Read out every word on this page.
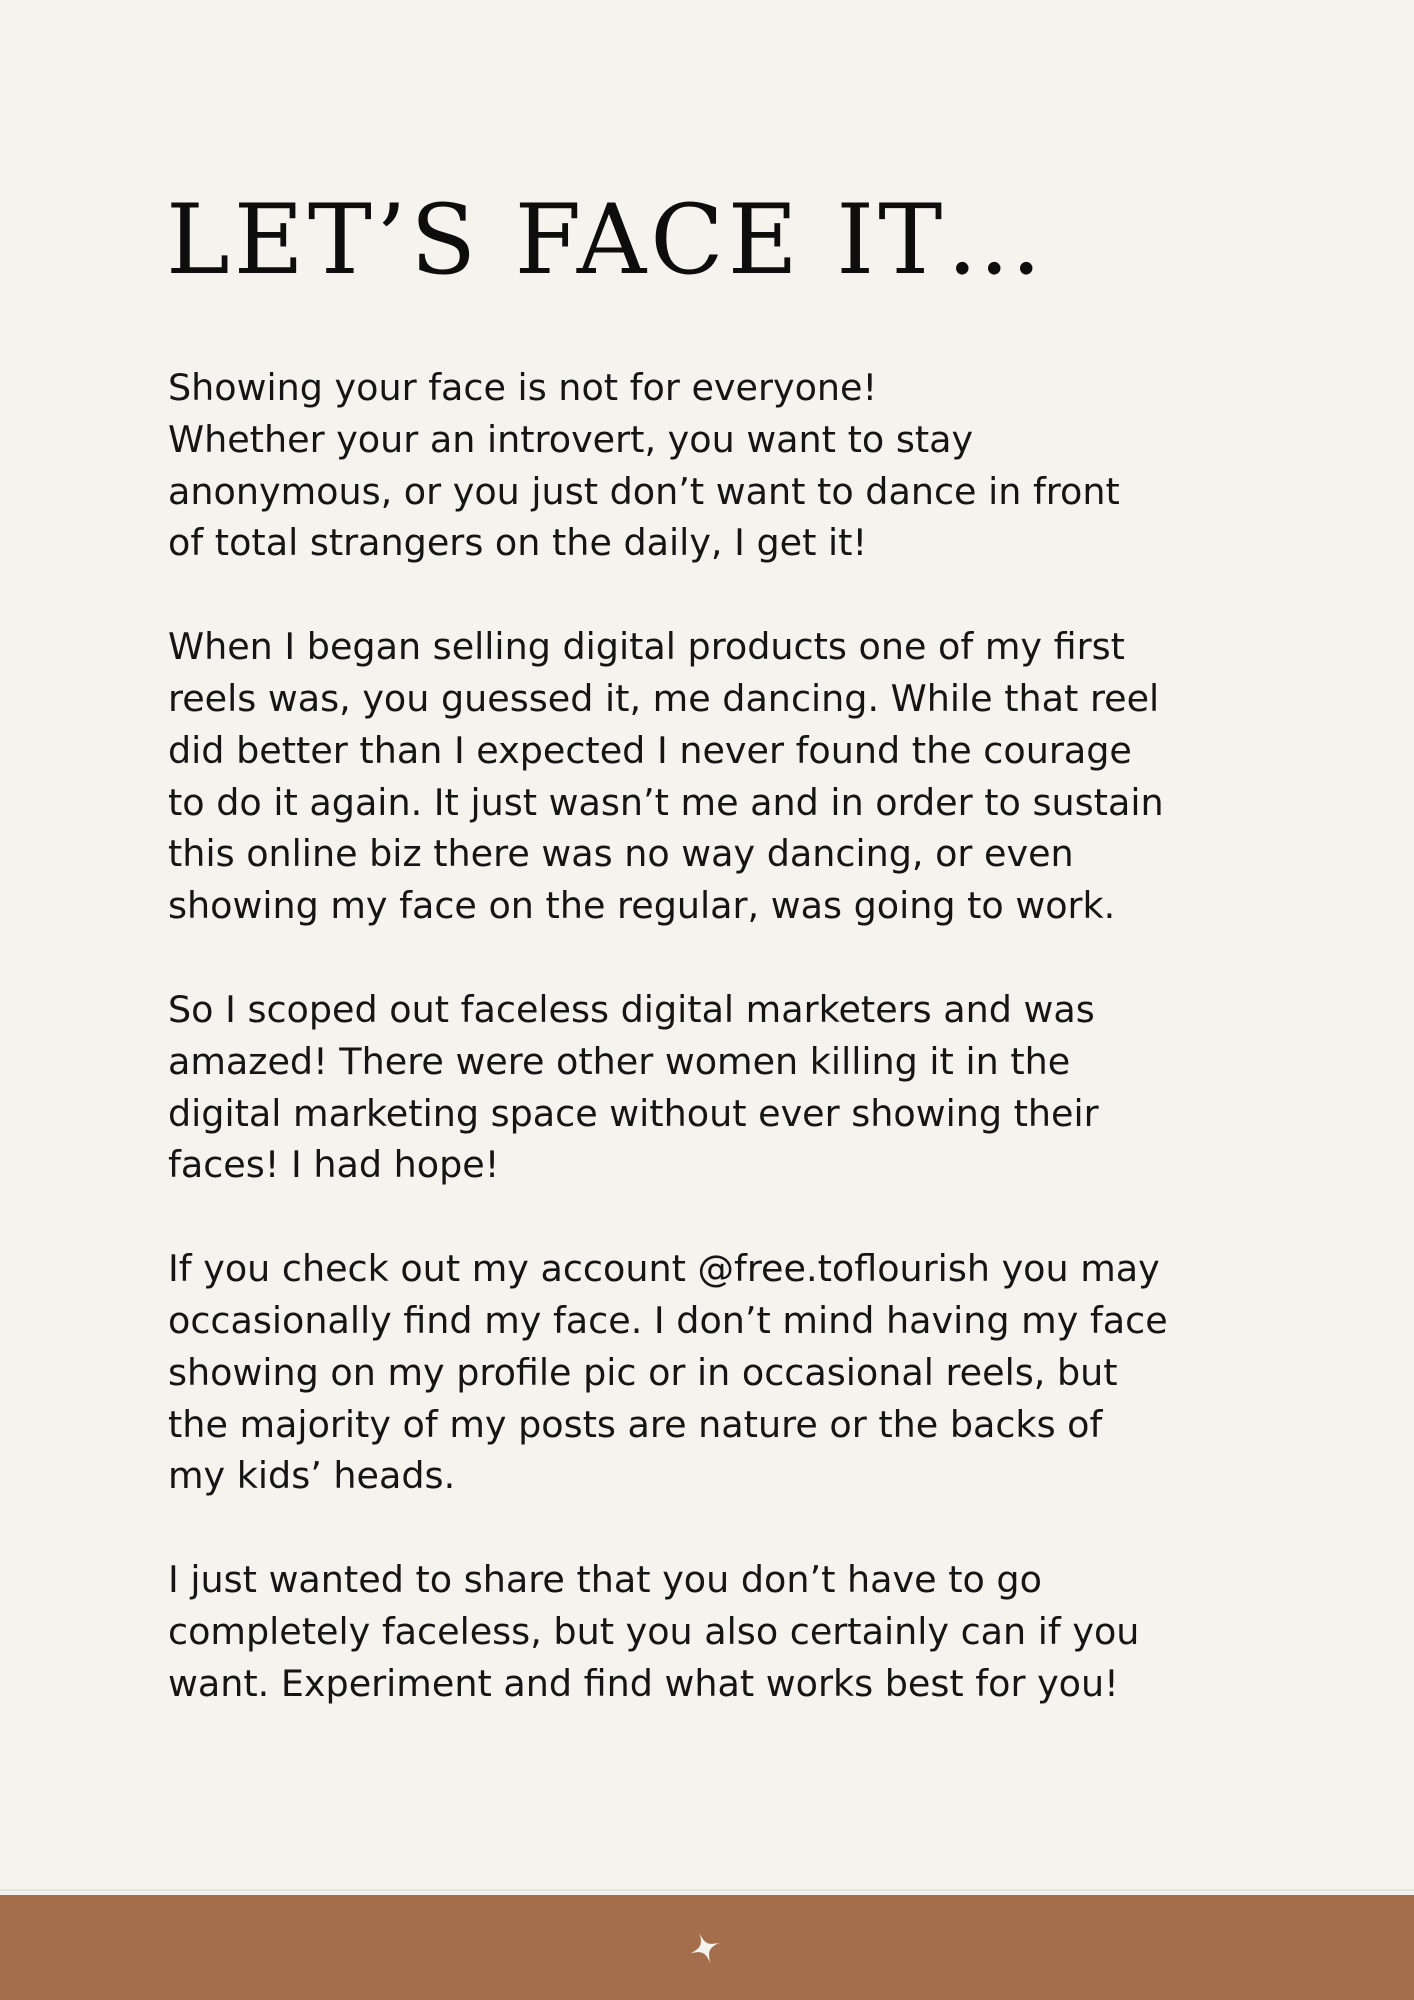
LET’S FACE IT…

Showing your face is not for everyone!
Whether your an introvert, you want to stay
anonymous, or you just don’t want to dance in front
of total strangers on the daily, I get it!

When I began selling digital products one of my first
reels was, you guessed it, me dancing. While that reel
did better than I expected I never found the courage
to do it again. It just wasn’t me and in order to sustain
this online biz there was no way dancing, or even
showing my face on the regular, was going to work.

So I scoped out faceless digital marketers and was
amazed! There were other women killing it in the
digital marketing space without ever showing their
faces! I had hope!

If you check out my account @free.toflourish you may
occasionally find my face. I don’t mind having my face
showing on my profile pic or in occasional reels, but
the majority of my posts are nature or the backs of
my kids’ heads.

I just wanted to share that you don’t have to go
completely faceless, but you also certainly can if you
want. Experiment and find what works best for you!
